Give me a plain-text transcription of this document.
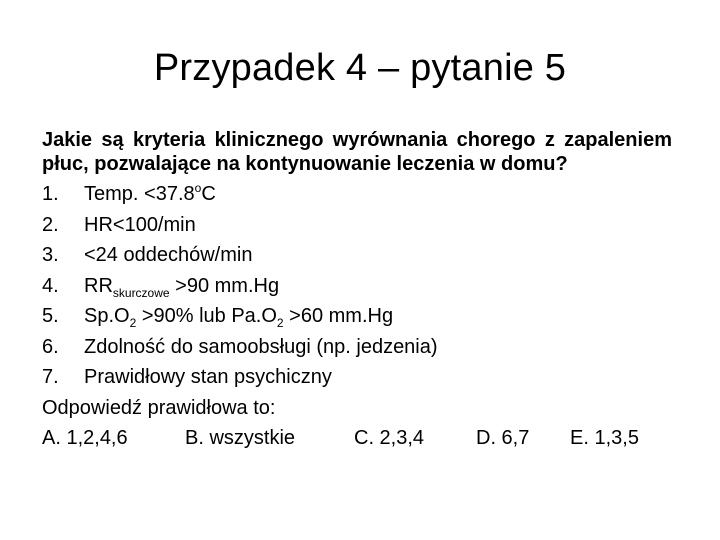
Przypadek 4 – pytanie 5

Jakie są kryteria klinicznego wyrównania chorego z zapaleniem płuc, pozwalające na kontynuowanie leczenia w domu?

1.	Temp. $<37.8^oC$
2.	HR<100/min
3.	<24 oddechów/min
4.	$RR_{skurczowe} >90$ mm.Hg
5.	$Sp.O_2 >90\%$ lub $Pa.O_2 >60$ mm.Hg
6.	Zdolność do samoobsługi (np. jedzenia)
7.	Prawidłowy stan psychiczny

Odpowiedź prawidłowa to:

A. 1,2,4,6	B. wszystkie	C. 2,3,4	D. 6,7	E. 1,3,5
